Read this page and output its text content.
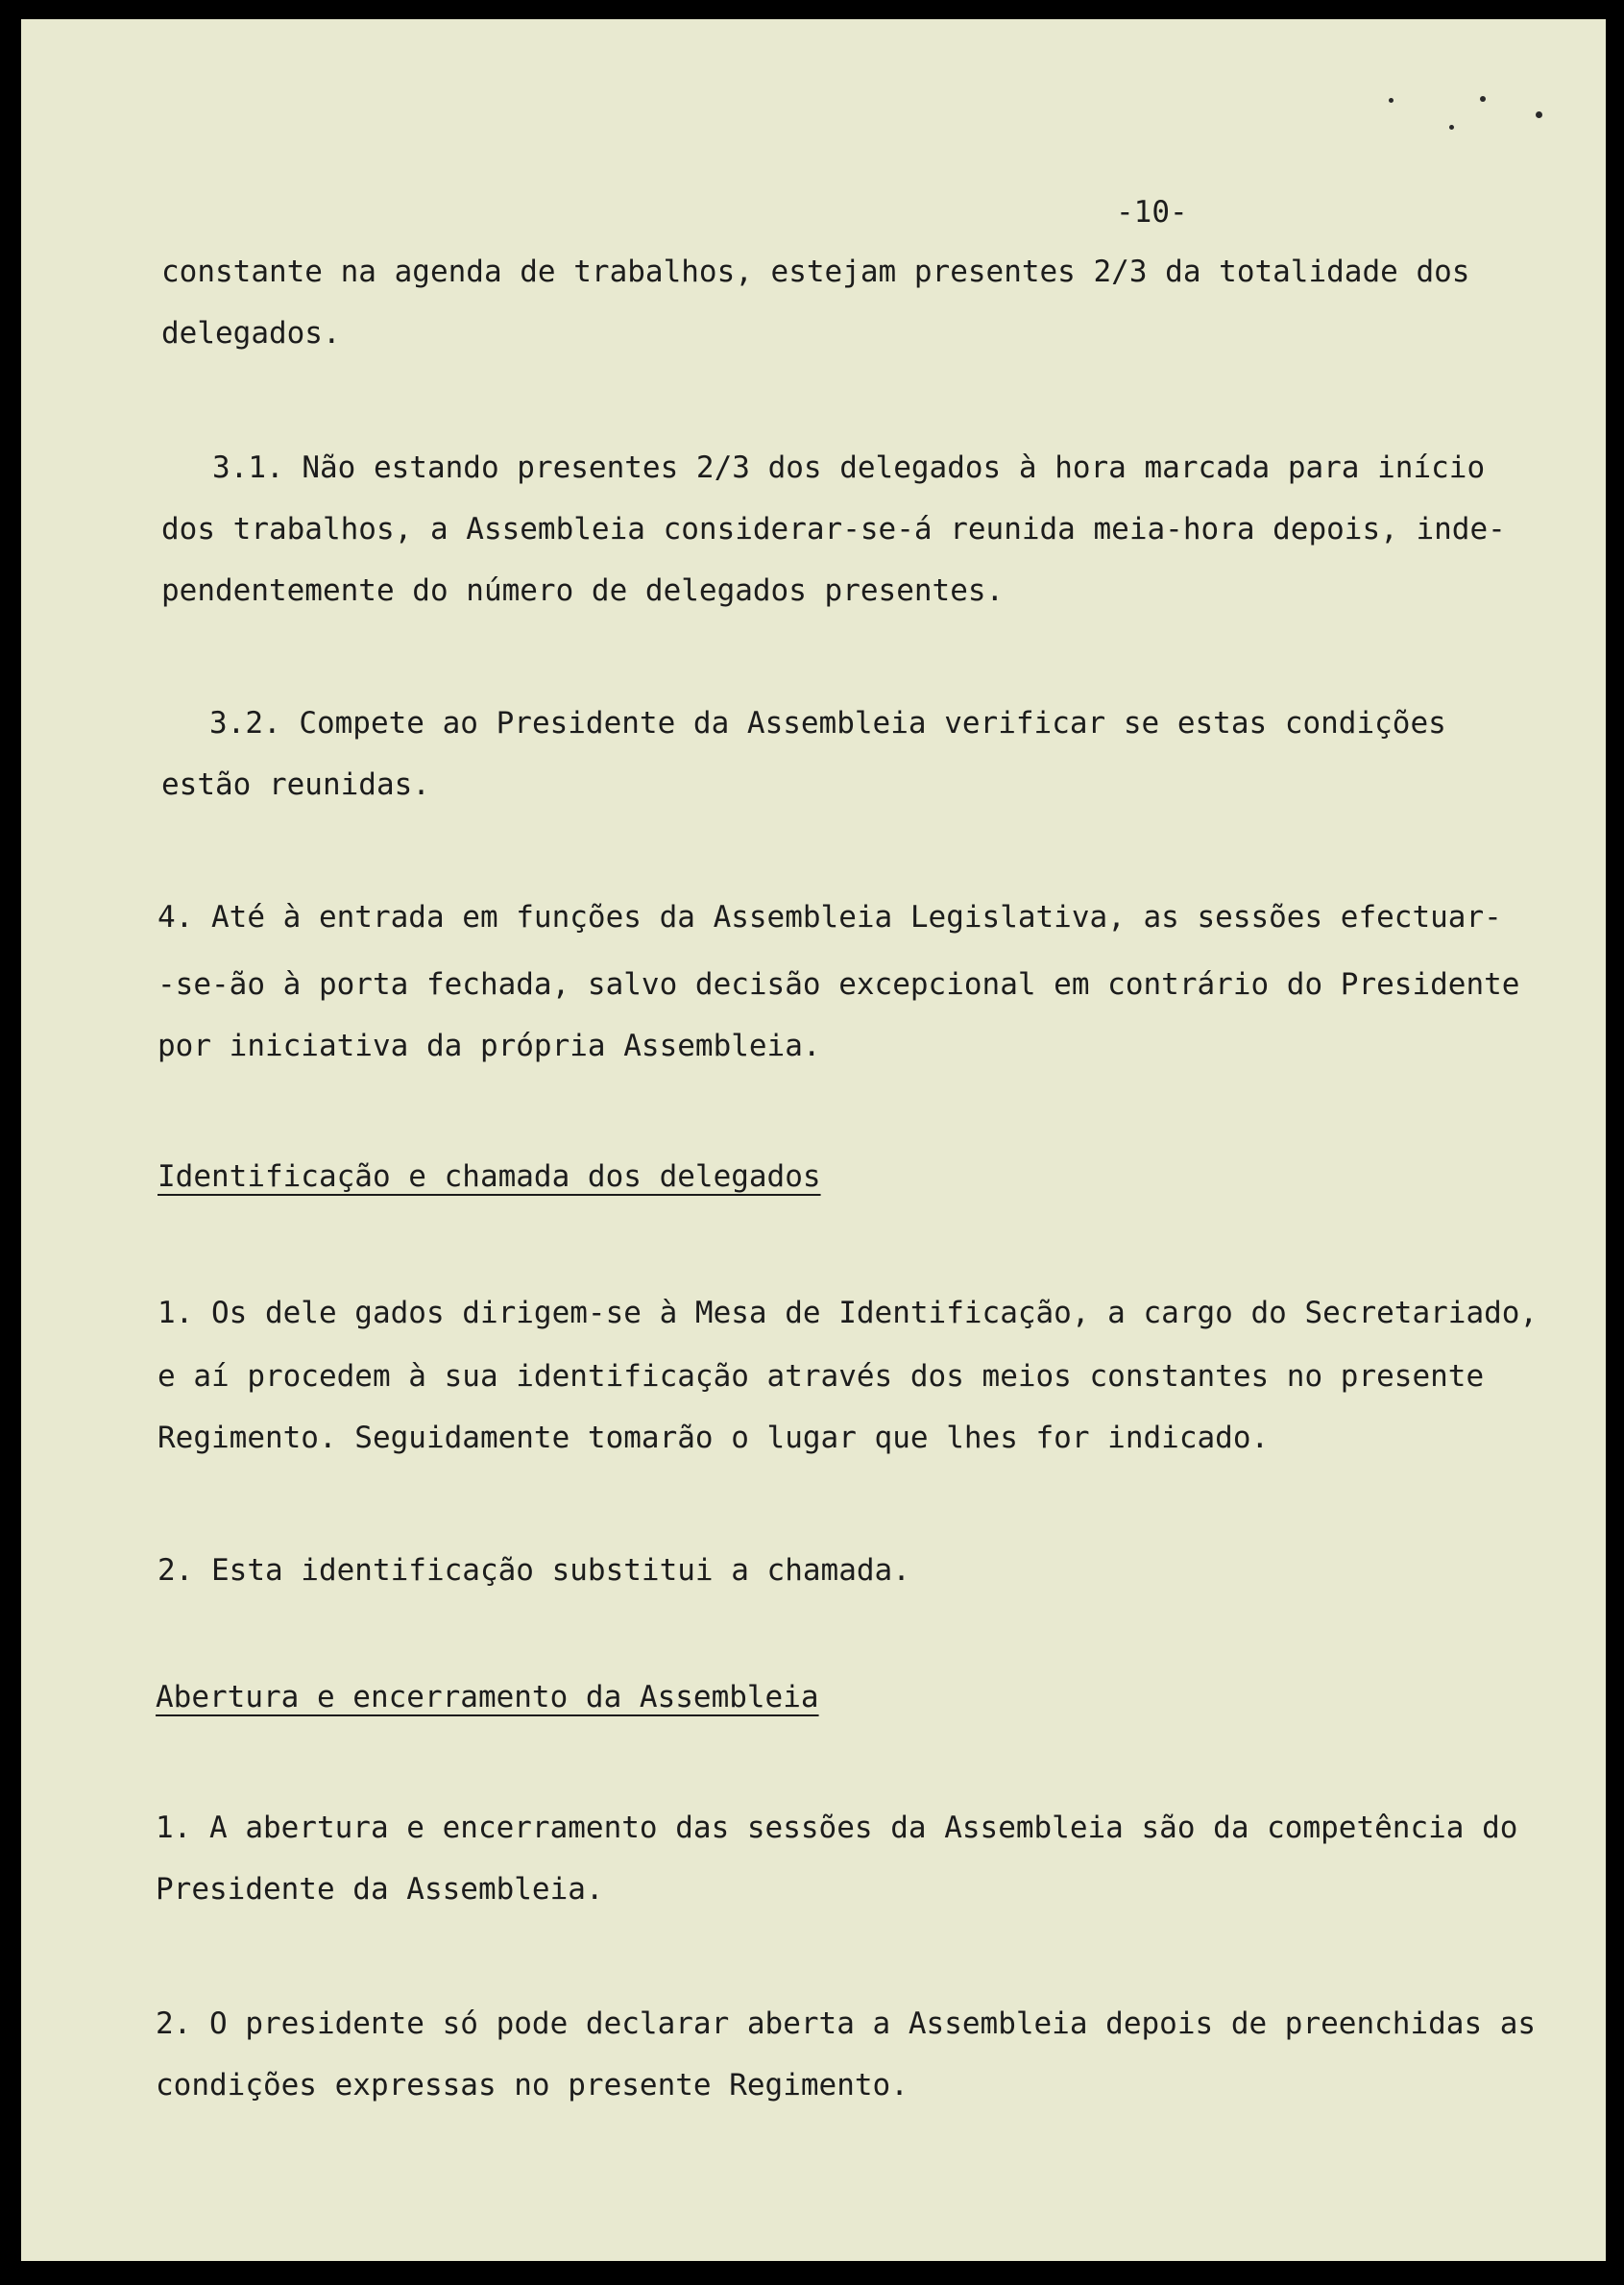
-10-

constante na agenda de trabalhos, estejam presentes 2/3 da totalidade dos

delegados.

3.1. Não estando presentes 2/3 dos delegados à hora marcada para início

dos trabalhos, a Assembleia considerar-se-á reunida meia-hora depois, inde-

pendentemente do número de delegados presentes.

3.2. Compete ao Presidente da Assembleia verificar se estas condições

estão reunidas.

4. Até à entrada em funções da Assembleia Legislativa, as sessões efectuar-

-se-ão à porta fechada, salvo decisão excepcional em contrário do Presidente

por iniciativa da própria Assembleia.

Identificação e chamada dos delegados

1. Os dele gados dirigem-se à Mesa de Identificação, a cargo do Secretariado,

e aí procedem à sua identificação através dos meios constantes no presente

Regimento. Seguidamente tomarão o lugar que lhes for indicado.

2. Esta identificação substitui a chamada.

Abertura e encerramento da Assembleia

1. A abertura e encerramento das sessões da Assembleia são da competência do

Presidente da Assembleia.

2. O presidente só pode declarar aberta a Assembleia depois de preenchidas as

condições expressas no presente Regimento.
